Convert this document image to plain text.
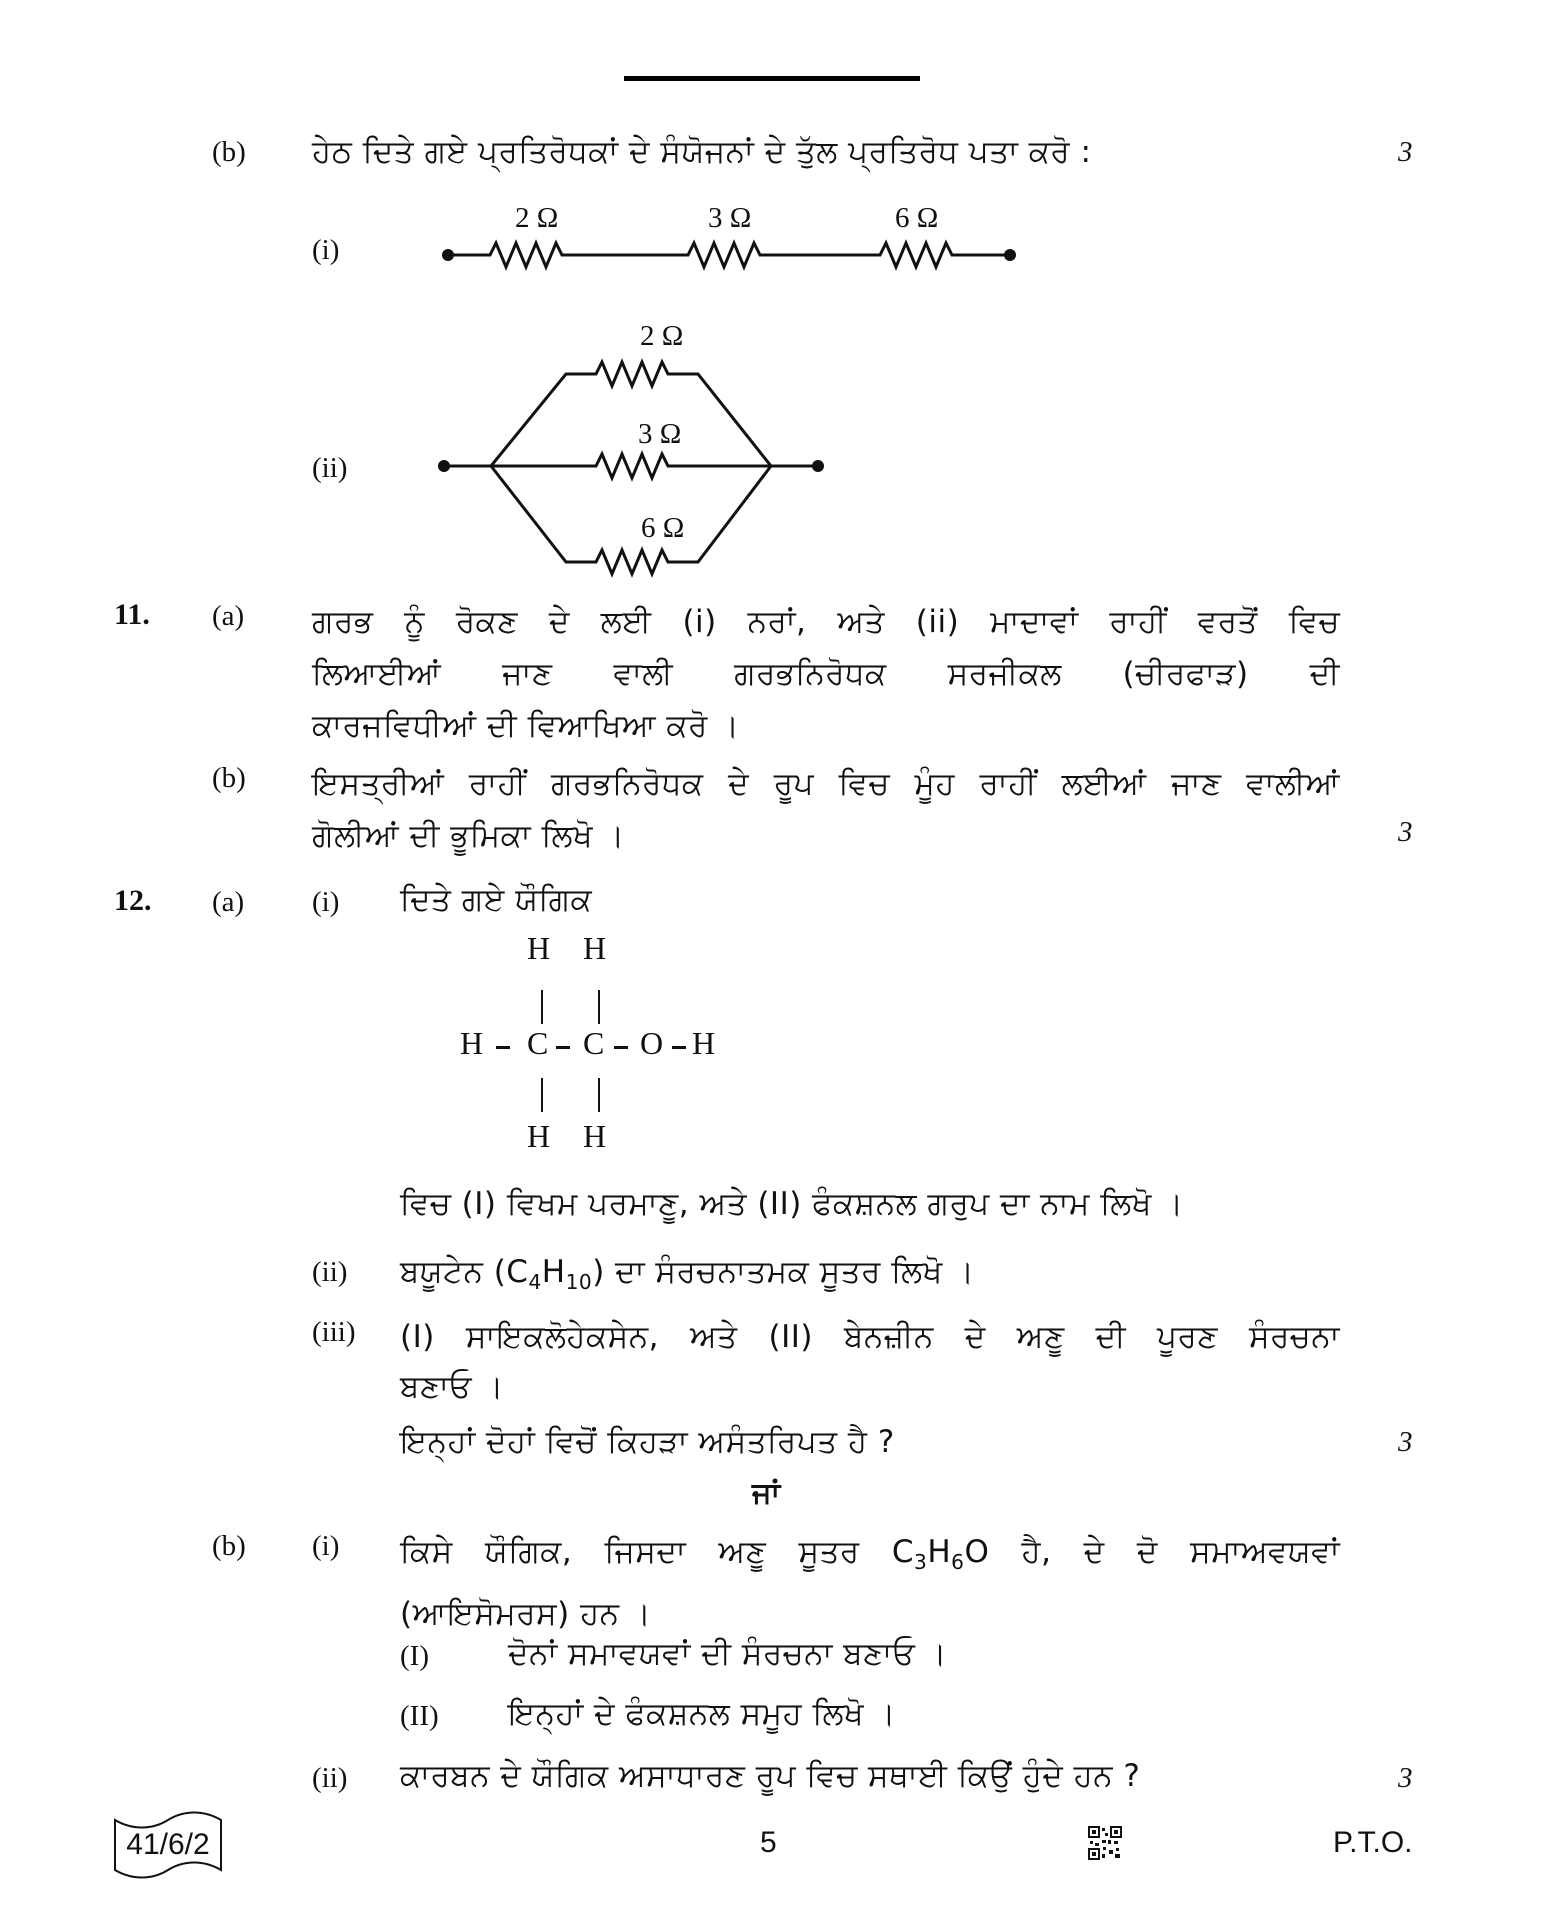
(b) ਹੇਠ ਦਿਤੇ ਗਏ ਪ੍ਰਤਿਰੋਧਕਾਂ ਦੇ ਸੰਯੋਜਨਾਂ ਦੇ ਤੁੱਲ ਪ੍ਰਤਿਰੋਧ ਪਤਾ ਕਰੋ :	3
(i)
2 Ω	3 Ω	6 Ω
(ii)
2 Ω
3 Ω
6 Ω
11. (a) ਗਰਭ ਨੂੰ ਰੋਕਣ ਦੇ ਲਈ (i) ਨਰਾਂ, ਅਤੇ (ii) ਮਾਦਾਵਾਂ ਰਾਹੀਂ ਵਰਤੋਂ ਵਿਚ
ਲਿਆਈਆਂ ਜਾਣ ਵਾਲੀ ਗਰਭਨਿਰੋਧਕ ਸਰਜੀਕਲ (ਚੀਰਫਾੜ) ਦੀ
ਕਾਰਜਵਿਧੀਆਂ ਦੀ ਵਿਆਖਿਆ ਕਰੋ ।
(b) ਇਸਤ੍ਰੀਆਂ ਰਾਹੀਂ ਗਰਭਨਿਰੋਧਕ ਦੇ ਰੂਪ ਵਿਚ ਮੂੰਹ ਰਾਹੀਂ ਲਈਆਂ ਜਾਣ ਵਾਲੀਆਂ
ਗੋਲੀਆਂ ਦੀ ਭੂਮਿਕਾ ਲਿਖੋ ।	3
12. (a) (i) ਦਿਤੇ ਗਏ ਯੌਗਿਕ
H H
H C C O H
H H
ਵਿਚ (I) ਵਿਖਮ ਪਰਮਾਣੂ, ਅਤੇ (II) ਫੰਕਸ਼ਨਲ ਗਰੁਪ ਦਾ ਨਾਮ ਲਿਖੋ ।
(ii) ਬਯੂਟੇਨ $(C_4H_{10})$ ਦਾ ਸੰਰਚਨਾਤਮਕ ਸੂਤਰ ਲਿਖੋ ।
(iii) (I) ਸਾਇਕਲੋਹੇਕਸੇਨ, ਅਤੇ (II) ਬੇਨਜ਼ੀਨ ਦੇ ਅਣੂ ਦੀ ਪੂਰਣ ਸੰਰਚਨਾ
ਬਣਾਓ ।
ਇਨ੍ਹਾਂ ਦੋਹਾਂ ਵਿਚੋਂ ਕਿਹੜਾ ਅਸੰਤਰਿਪਤ ਹੈ ?	3
ਜਾਂ
(b) (i) ਕਿਸੇ ਯੌਗਿਕ, ਜਿਸਦਾ ਅਣੂ ਸੂਤਰ $C_3H_6O$ ਹੈ, ਦੇ ਦੋ ਸਮਾਅਵਯਵਾਂ
(ਆਇਸੋਮਰਸ) ਹਨ ।
(I)	ਦੋਨਾਂ ਸਮਾਵਯਵਾਂ ਦੀ ਸੰਰਚਨਾ ਬਣਾਓ ।
(II) ਇਨ੍ਹਾਂ ਦੇ ਫੰਕਸ਼ਨਲ ਸਮੂਹ ਲਿਖੋ ।
(ii) ਕਾਰਬਨ ਦੇ ਯੌਗਿਕ ਅਸਾਧਾਰਣ ਰੂਪ ਵਿਚ ਸਥਾਈ ਕਿਉਂ ਹੁੰਦੇ ਹਨ ?	3
41/6/2	5	P.T.O.
